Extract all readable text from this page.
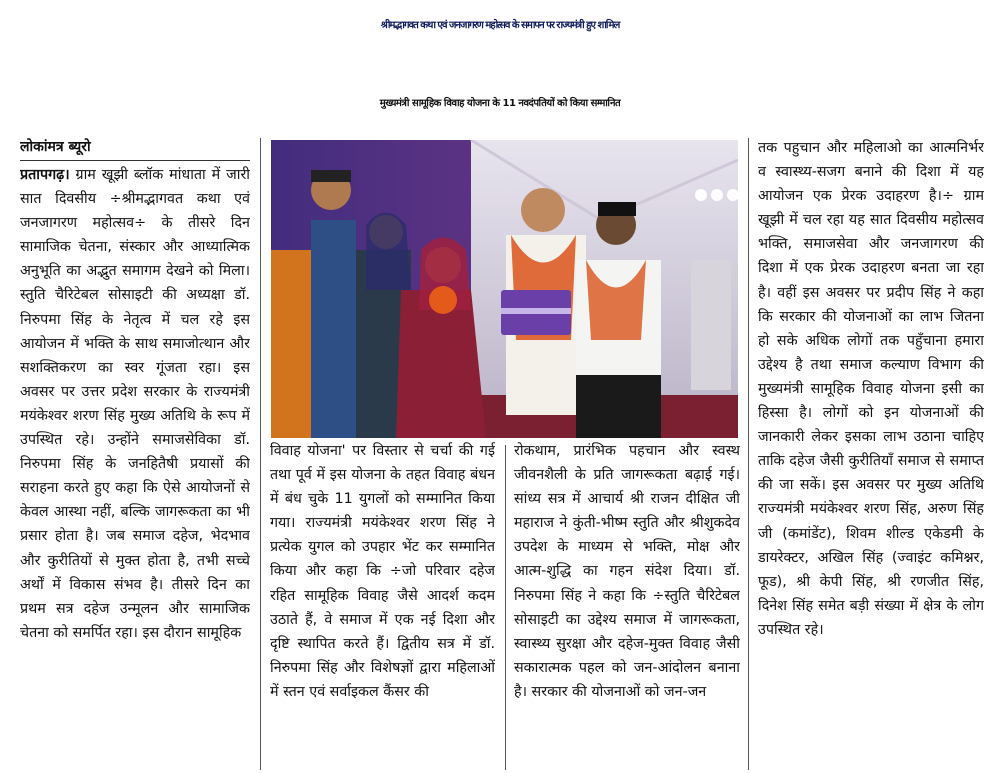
श्रीमद्भागवत कथा एवं जनजागरण महोत्सव के समापन पर राज्यमंत्री हुए शामिल
मुख्यमंत्री सामूहिक विवाह योजना के 11 नवदंपतियों को किया सम्मानित
लोकांमत्र ब्यूरो

प्रतापगढ़। ग्राम खूझी ब्लॉक मांधाता में जारी सात दिवसीय ÷श्रीमद्भागवत कथा एवं जनजागरण महोत्सव÷ के तीसरे दिन सामाजिक चेतना, संस्कार और आध्यात्मिक अनुभूति का अद्भुत समागम देखने को मिला। स्तुति चैरिटेबल सोसाइटी की अध्यक्षा डॉ. निरुपमा सिंह के नेतृत्व में चल रहे इस आयोजन में भक्ति के साथ समाजोत्थान और सशक्तिकरण का स्वर गूंजता रहा। इस अवसर पर उत्तर प्रदेश सरकार के राज्यमंत्री मयंकेश्वर शरण सिंह मुख्य अतिथि के रूप में उपस्थित रहे। उन्होंने समाजसेविका डॉ. निरुपमा सिंह के जनहितैषी प्रयासों की सराहना करते हुए कहा कि ऐसे आयोजनों से केवल आस्था नहीं, बल्कि जागरूकता का भी प्रसार होता है। जब समाज दहेज, भेदभाव और कुरीतियों से मुक्त होता है, तभी सच्चे अर्थों में विकास संभव है। तीसरे दिन का प्रथम सत्र दहेज उन्मूलन और सामाजिक चेतना को समर्पित रहा। इस दौरान सामूहिक

विवाह योजना' पर विस्तार से चर्चा की गई तथा पूर्व में इस योजना के तहत विवाह बंधन में बंध चुके 11 युगलों को सम्मानित किया गया। राज्यमंत्री मयंकेश्वर शरण सिंह ने प्रत्येक युगल को उपहार भेंट कर सम्मानित किया और कहा कि ÷जो परिवार दहेज रहित सामूहिक विवाह जैसे आदर्श कदम उठाते हैं, वे समाज में एक नई दिशा और दृष्टि स्थापित करते हैं। द्वितीय सत्र में डॉ. निरुपमा सिंह और विशेषज्ञों द्वारा महिलाओं में स्तन एवं सर्वाइकल कैंसर की

रोकथाम, प्रारंभिक पहचान और स्वस्थ जीवनशैली के प्रति जागरूकता बढ़ाई गई। सांध्य सत्र में आचार्य श्री राजन दीक्षित जी महाराज ने कुंती-भीष्म स्तुति और श्रीशुकदेव उपदेश के माध्यम से भक्ति, मोक्ष और आत्म-शुद्धि का गहन संदेश दिया। डॉ. निरुपमा सिंह ने कहा कि ÷स्तुति चैरिटेबल सोसाइटी का उद्देश्य समाज में जागरूकता, स्वास्थ्य सुरक्षा और दहेज-मुक्त विवाह जैसी सकारात्मक पहल को जन-आंदोलन बनाना है। सरकार की योजनाओं को जन-जन

तक पहुचान और महिलाओ का आत्मनिर्भर व स्वास्थ्य-सजग बनाने की दिशा में यह आयोजन एक प्रेरक उदाहरण है।÷ ग्राम खूझी में चल रहा यह सात दिवसीय महोत्सव भक्ति, समाजसेवा और जनजागरण की दिशा में एक प्रेरक उदाहरण बनता जा रहा है। वहीं इस अवसर पर प्रदीप सिंह ने कहा कि सरकार की योजनाओं का लाभ जितना हो सके अधिक लोगों तक पहुँचाना हमारा उद्देश्य है तथा समाज कल्याण विभाग की मुख्यमंत्री सामूहिक विवाह योजना इसी का हिस्सा है। लोगों को इन योजनाओं की जानकारी लेकर इसका लाभ उठाना चाहिए ताकि दहेज जैसी कुरीतियाँ समाज से समाप्त की जा सकें। इस अवसर पर मुख्य अतिथि राज्यमंत्री मयंकेश्वर शरण सिंह, अरुण सिंह जी (कमांडेंट), शिवम शील्ड एकेडमी के डायरेक्टर, अखिल सिंह (ज्वाइंट कमिश्नर, फूड), श्री केपी सिंह, श्री रणजीत सिंह, दिनेश सिंह समेत बड़ी संख्या में क्षेत्र के लोग उपस्थित रहे।
